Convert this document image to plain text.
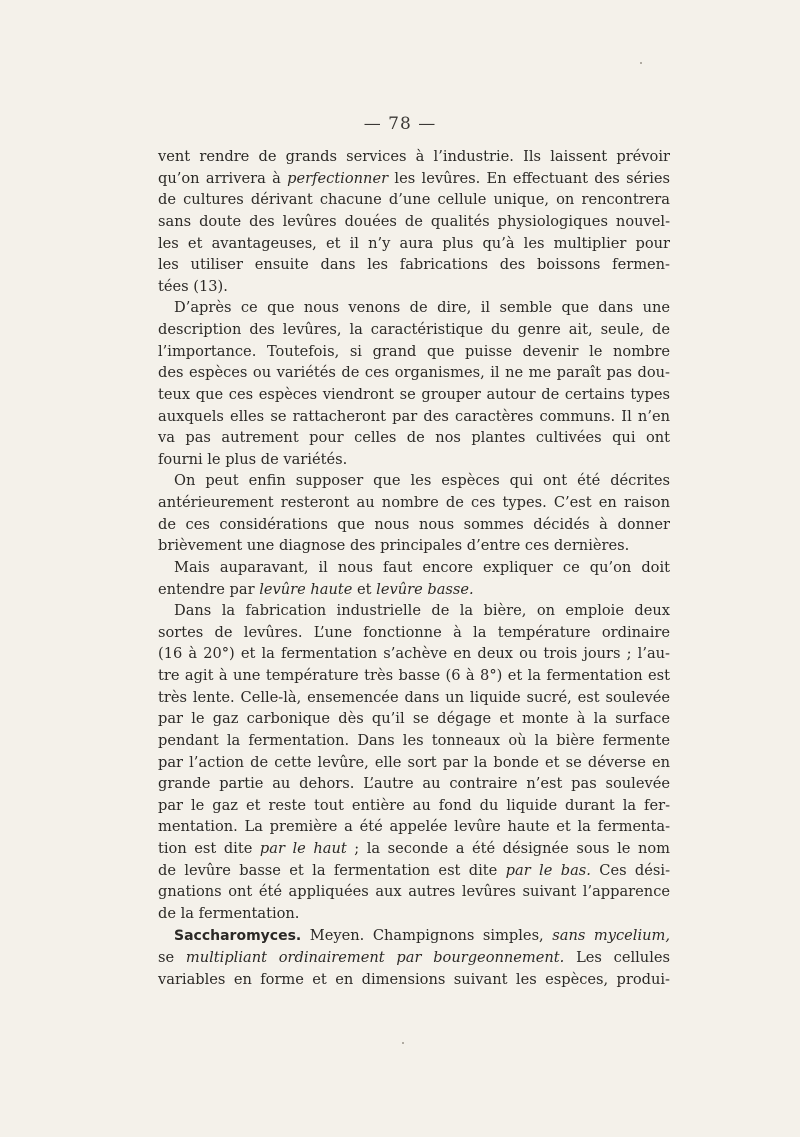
— 78 —
vent rendre de grands services à l’industrie. Ils laissent prévoir
qu’on arrivera à perfectionner les levûres. En effectuant des séries
de cultures dérivant chacune d’une cellule unique, on rencontrera
sans doute des levûres douées de qualités physiologiques nouvel-
les et avantageuses, et il n’y aura plus qu’à les multiplier pour
les utiliser ensuite dans les fabrications des boissons fermen-
tées (13).
D’après ce que nous venons de dire, il semble que dans une
description des levûres, la caractéristique du genre ait, seule, de
l’importance. Toutefois, si grand que puisse devenir le nombre
des espèces ou variétés de ces organismes, il ne me paraît pas dou-
teux que ces espèces viendront se grouper autour de certains types
auxquels elles se rattacheront par des caractères communs. Il n’en
va pas autrement pour celles de nos plantes cultivées qui ont
fourni le plus de variétés.
On peut enfin supposer que les espèces qui ont été décrites
antérieurement resteront au nombre de ces types. C’est en raison
de ces considérations que nous nous sommes décidés à donner
brièvement une diagnose des principales d’entre ces dernières.
Mais auparavant, il nous faut encore expliquer ce qu’on doit
entendre par levûre haute et levûre basse.
Dans la fabrication industrielle de la bière, on emploie deux
sortes de levûres. L’une fonctionne à la température ordinaire
(16 à 20°) et la fermentation s’achève en deux ou trois jours ; l’au-
tre agit à une température très basse (6 à 8°) et la fermentation est
très lente. Celle-là, ensemencée dans un liquide sucré, est soulevée
par le gaz carbonique dès qu’il se dégage et monte à la surface
pendant la fermentation. Dans les tonneaux où la bière fermente
par l’action de cette levûre, elle sort par la bonde et se déverse en
grande partie au dehors. L’autre au contraire n’est pas soulevée
par le gaz et reste tout entière au fond du liquide durant la fer-
mentation. La première a été appelée levûre haute et la fermenta-
tion est dite par le haut ; la seconde a été désignée sous le nom
de levûre basse et la fermentation est dite par le bas. Ces dési-
gnations ont été appliquées aux autres levûres suivant l’apparence
de la fermentation.
Saccharomyces. Meyen. Champignons simples, sans mycelium,
se multipliant ordinairement par bourgeonnement. Les cellules
variables en forme et en dimensions suivant les espèces, produi-
